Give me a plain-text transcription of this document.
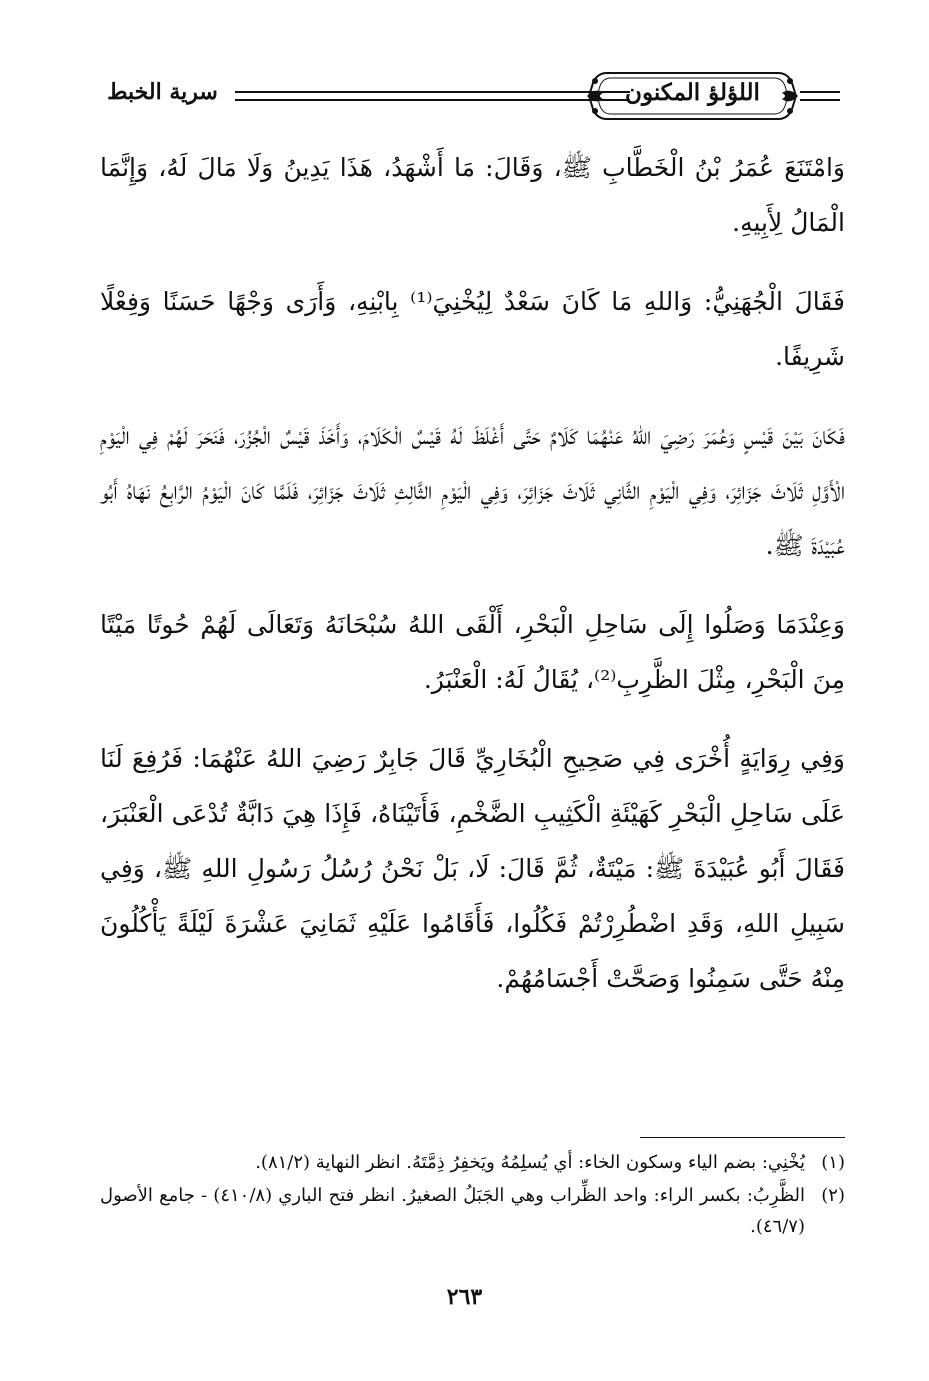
اللؤلؤ المكنون
سرية الخبط

وَامْتَنَعَ عُمَرُ بْنُ الْخَطَّابِ ﷺ، وَقَالَ: مَا أَشْهَدُ، هَذَا يَدِينُ وَلَا مَالَ لَهُ، وَإِنَّمَا الْمَالُ لِأَبِيهِ.

فَقَالَ الْجُهَنِيُّ: وَاللهِ مَا كَانَ سَعْدٌ لِيُخْنِيَ⁽¹⁾ بِابْنِهِ، وَأَرَى وَجْهًا حَسَنًا وَفِعْلًا شَرِيفًا.

فَكَانَ بَيْنَ قَيْسٍ وَعُمَرَ رَضِيَ اللهُ عَنْهُمَا كَلَامٌ حَتَّى أَغْلَظَ لَهُ قَيْسٌ الْكَلَامَ، وَأَخَذَ قَيْسٌ الْجُزُرَ، فَنَحَرَ لَهُمْ فِي الْيَوْمِ الْأَوَّلِ ثَلَاثَ جَزَائِرَ، وَفِي الْيَوْمِ الثَّانِي ثَلَاثَ جَزَائِرَ، وَفِي الْيَوْمِ الثَّالِثِ ثَلَاثَ جَزَائِرَ، فَلَمَّا كَانَ الْيَوْمُ الرَّابِعُ نَهَاهُ أَبُو عُبَيْدَةَ ﷺ.

وَعِنْدَمَا وَصَلُوا إِلَى سَاحِلِ الْبَحْرِ، أَلْقَى اللهُ سُبْحَانَهُ وَتَعَالَى لَهُمْ حُوتًا مَيْتًا مِنَ الْبَحْرِ، مِثْلَ الظَّرِبِ⁽²⁾، يُقَالُ لَهُ: الْعَنْبَرُ.

وَفِي رِوَايَةٍ أُخْرَى فِي صَحِيحِ الْبُخَارِيِّ قَالَ جَابِرٌ رَضِيَ اللهُ عَنْهُمَا: فَرُفِعَ لَنَا عَلَى سَاحِلِ الْبَحْرِ كَهَيْئَةِ الْكَثِيبِ الضَّخْمِ، فَأَتَيْنَاهُ، فَإِذَا هِيَ دَابَّةٌ تُدْعَى الْعَنْبَرَ، فَقَالَ أَبُو عُبَيْدَةَ ﷺ: مَيْتَةٌ، ثُمَّ قَالَ: لَا، بَلْ نَحْنُ رُسُلُ رَسُولِ اللهِ ﷺ، وَفِي سَبِيلِ اللهِ، وَقَدِ اضْطُرِرْتُمْ فَكُلُوا، فَأَقَامُوا عَلَيْهِ ثَمَانِيَ عَشْرَةَ لَيْلَةً يَأْكُلُونَ مِنْهُ حَتَّى سَمِنُوا وَصَحَّتْ أَجْسَامُهُمْ.

(١)
يُخْنِي: بضم الياء وسكون الخاء: أي يُسلِمُهُ ويَخفِرُ ذِمَّتَهُ. انظر النهاية (٨١/٢).
(٢)
الظَّرِبُ: بكسر الراء: واحد الظِّراب وهي الجَبَلُ الصغيرُ. انظر فتح الباري (٤١٠/٨) - جامع الأصول (٤٦/٧).
٢٦٣
